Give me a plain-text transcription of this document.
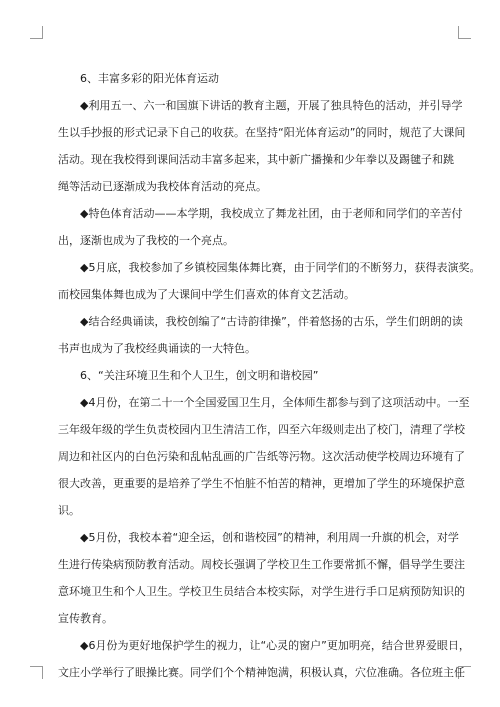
6、丰富多彩的阳光体育运动
◆利用五一、六一和国旗下讲话的教育主题，开展了独具特色的活动，并引导学
生以手抄报的形式记录下自己的收获。在坚持“阳光体育运动”的同时，规范了大课间
活动。现在我校得到课间活动丰富多起来，其中新广播操和少年拳以及踢毽子和跳
绳等活动已逐渐成为我校体育活动的亮点。
◆特色体育活动——本学期，我校成立了舞龙社团，由于老师和同学们的辛苦付
出，逐渐也成为了我校的一个亮点。
◆5月底，我校参加了乡镇校园集体舞比赛，由于同学们的不断努力，获得表演奖。
而校园集体舞也成为了大课间中学生们喜欢的体育文艺活动。
◆结合经典诵读，我校创编了“古诗韵律操”，伴着悠扬的古乐，学生们朗朗的读
书声也成为了我校经典诵读的一大特色。
6、“关注环境卫生和个人卫生，创文明和谐校园”
◆4月份，在第二十一个全国爱国卫生月，全体师生都参与到了这项活动中。一至
三年级年级的学生负责校园内卫生清洁工作，四至六年级则走出了校门，清理了学校
周边和社区内的白色污染和乱帖乱画的广告纸等污物。这次活动使学校周边环境有了
很大改善，更重要的是培养了学生不怕脏不怕苦的精神，更增加了学生的环境保护意
识。
◆5月份，我校本着“迎全运，创和谐校园”的精神，利用周一升旗的机会，对学
生进行传染病预防教育活动。周校长强调了学校卫生工作要常抓不懈，倡导学生要注
意环境卫生和个人卫生。学校卫生员结合本校实际，对学生进行手口足病预防知识的
宣传教育。
◆6月份为更好地保护学生的视力，让“心灵的窗户”更加明亮，结合世界爱眼日，
文庄小学举行了眼操比赛。同学们个个精神饱满，积极认真，穴位准确。各位班主任
